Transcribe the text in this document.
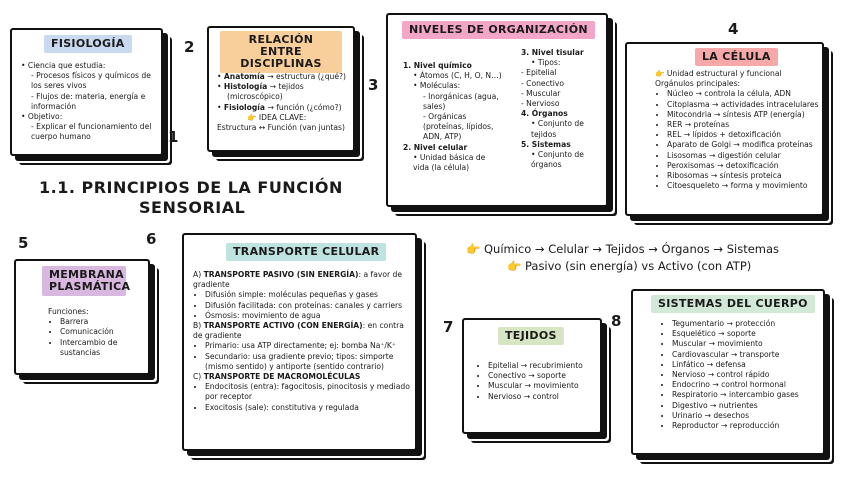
FISIOLOGÍA
• Ciencia que estudia:
- Procesos físicos y químicos de los seres vivos
- Flujos de: materia, energía e información
• Objetivo:
- Explicar el funcionamiento del cuerpo humano	1
2	RELACIÓN ENTRE DISCIPLINAS
• Anatomía → estructura (¿qué?)
• Histología → tejidos (microscópico)
• Fisiología → función (¿cómo?)
👉 IDEA CLAVE:
Estructura ↔ Función (van juntas)
3
NIVELES DE ORGANIZACIÓN
1. Nivel químico
• Átomos (C, H, O, N…)
• Moléculas:
- Inorgánicas (agua, sales)
- Orgánicas (proteínas, lípidos, ADN, ATP)
2. Nivel celular
• Unidad básica de vida (la célula)
3. Nivel tisular
• Tipos:
- Epitelial
- Conectivo
- Muscular
- Nervioso
4. Órganos
• Conjunto de tejidos
5. Sistemas
• Conjunto de órganos
4
LA CÉLULA
👉 Unidad estructural y funcional
Orgánulos principales:
• Núcleo → controla la célula, ADN
• Citoplasma → actividades intracelulares
• Mitocondria → síntesis ATP (energía)
• RER → proteínas
• REL → lípidos + detoxificación
• Aparato de Golgi → modifica proteínas
• Lisosomas → digestión celular
• Peroxisomas → detoxificación
• Ribosomas → síntesis proteica
• Citoesqueleto → forma y movimiento
1.1. PRINCIPIOS DE LA FUNCIÓN
SENSORIAL
5
MEMBRANA PLASMÁTICA
Funciones:
• Barrera
• Comunicación
• Intercambio de sustancias
6
TRANSPORTE CELULAR
A) TRANSPORTE PASIVO (SIN ENERGÍA): a favor de gradiente
• Difusión simple: moléculas pequeñas y gases
• Difusión facilitada: con proteínas: canales y carriers
• Ósmosis: movimiento de agua
B) TRANSPORTE ACTIVO (CON ENERGÍA): en contra de gradiente
• Primario: usa ATP directamente; ej: bomba Na⁺/K⁺
• Secundario: usa gradiente previo; tipos: simporte (mismo sentido) y antiporte (sentido contrario)
C) TRANSPORTE DE MACROMOLÉCULAS
• Endocitosis (entra): fagocitosis, pinocitosis y mediado por receptor
• Exocitosis (sale): constitutiva y regulada
👉 Químico → Celular → Tejidos → Órganos → Sistemas
👉 Pasivo (sin energía) vs Activo (con ATP)
7	TEJIDOS
• Epitelial → recubrimiento
• Conectivo → soporte
• Muscular → movimiento
• Nervioso → control
8
SISTEMAS DEL CUERPO
• Tegumentario → protección
• Esquelético → soporte
• Muscular → movimiento
• Cardiovascular → transporte
• Linfático → defensa
• Nervioso → control rápido
• Endocrino → control hormonal
• Respiratorio → intercambio gases
• Digestivo → nutrientes
• Urinario → desechos
• Reproductor → reproducción
